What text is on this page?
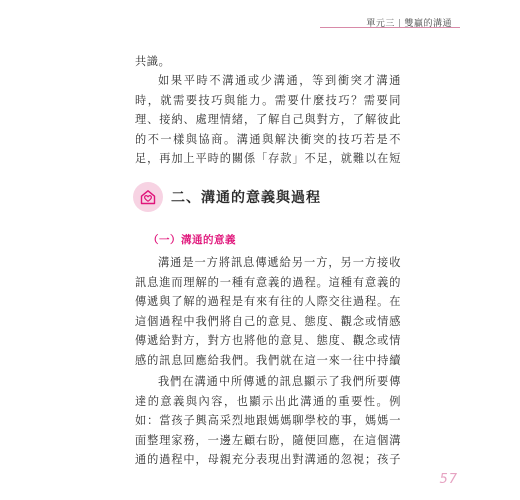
單元三 | 雙贏的溝通

共識。

如果平時不溝通或少溝通，等到衝突才溝通時，就需要技巧與能力。需要什麼技巧？需要同理、接納、處理情緒，了解自己與對方，了解彼此的不一樣與協商。溝通與解決衝突的技巧若是不足，再加上平時的關係「存款」不足，就難以在短

二、溝通的意義與過程
（一）溝通的意義

溝通是一方將訊息傳遞給另一方，另一方接收訊息進而理解的一種有意義的過程。這種有意義的傳遞與了解的過程是有來有往的人際交往過程。在這個過程中我們將自己的意見、態度、觀念或情感傳遞給對方，對方也將他的意見、態度、觀念或情感的訊息回應給我們。我們就在這一來一往中持續

我們在溝通中所傳遞的訊息顯示了我們所要傳達的意義與內容，也顯示出此溝通的重要性。例如：當孩子興高采烈地跟媽媽聊學校的事，媽媽一面整理家務，一邊左顧右盼，隨便回應，在這個溝通的過程中，母親充分表現出對溝通的忽視；孩子

57
